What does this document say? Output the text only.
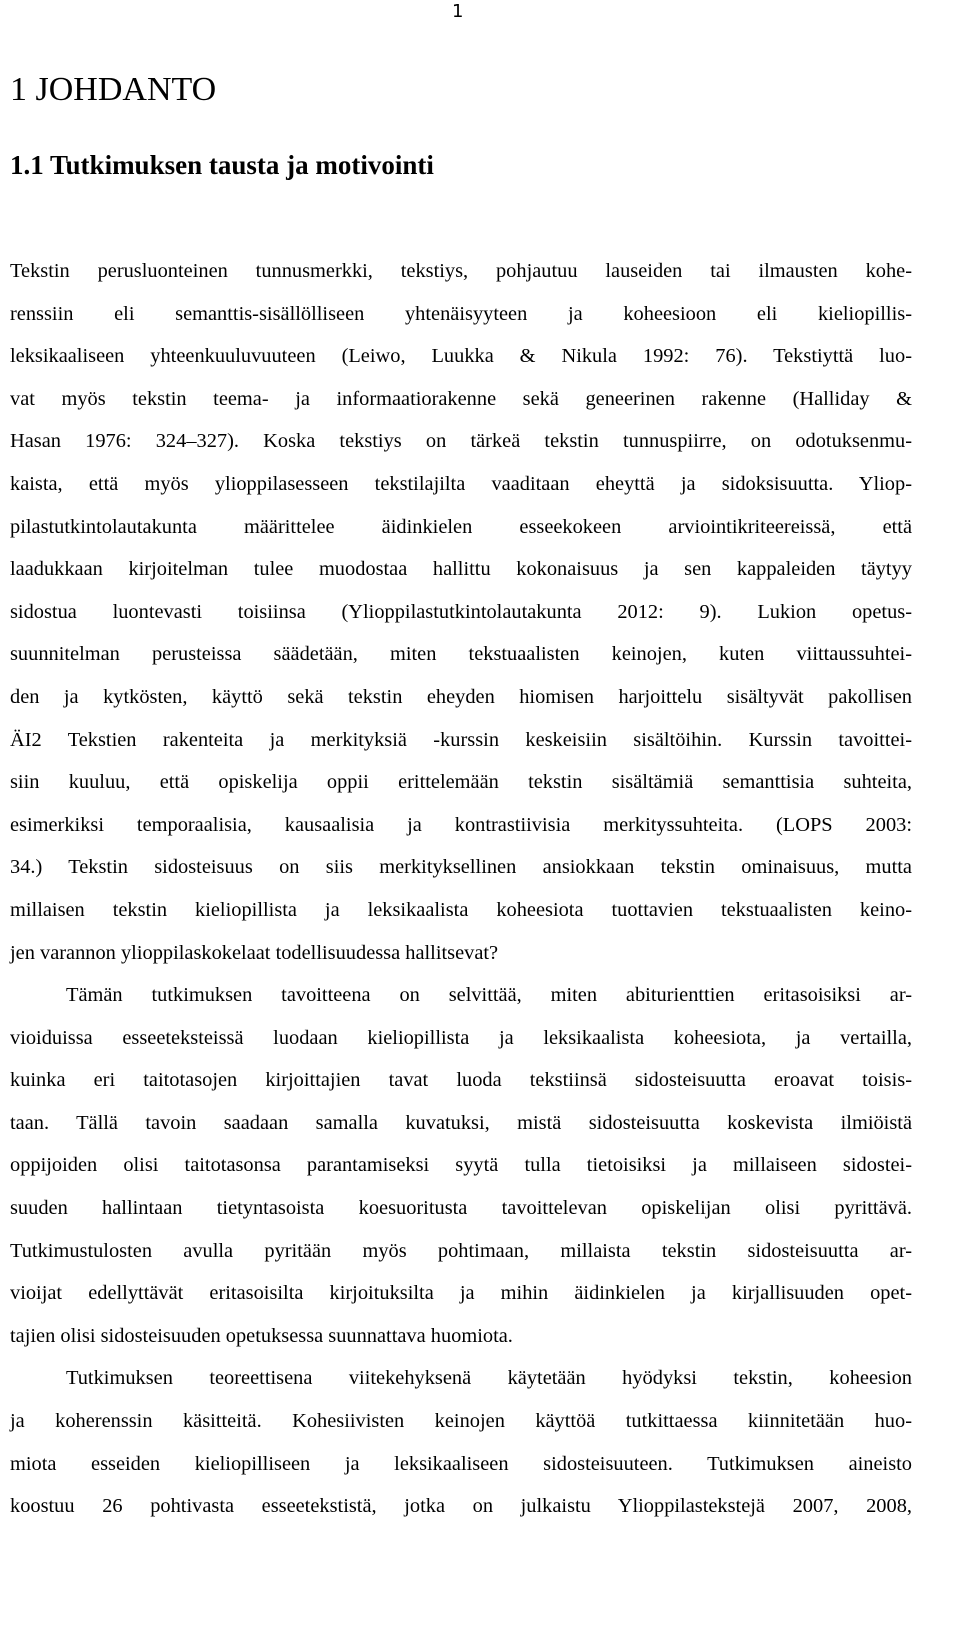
1
1 JOHDANTO
1.1 Tutkimuksen tausta ja motivointi
Tekstin perusluonteinen tunnusmerkki, tekstiys, pohjautuu lauseiden tai ilmausten kohe-
renssiin eli semanttis-sisällölliseen yhtenäisyyteen ja koheesioon eli kieliopillis-
leksikaaliseen yhteenkuuluvuuteen (Leiwo, Luukka & Nikula 1992: 76). Tekstiyttä luo-
vat myös tekstin teema- ja informaatiorakenne sekä geneerinen rakenne (Halliday &
Hasan 1976: 324–327). Koska tekstiys on tärkeä tekstin tunnuspiirre, on odotuksenmu-
kaista, että myös ylioppilasesseen tekstilajilta vaaditaan eheyttä ja sidoksisuutta. Yliop-
pilastutkintolautakunta määrittelee äidinkielen esseekokeen arviointikriteereissä, että
laadukkaan kirjoitelman tulee muodostaa hallittu kokonaisuus ja sen kappaleiden täytyy
sidostua luontevasti toisiinsa (Ylioppilastutkintolautakunta 2012: 9). Lukion opetus-
suunnitelman perusteissa säädetään, miten tekstuaalisten keinojen, kuten viittaussuhtei-
den ja kytkösten, käyttö sekä tekstin eheyden hiomisen harjoittelu sisältyvät pakollisen
ÄI2 Tekstien rakenteita ja merkityksiä -kurssin keskeisiin sisältöihin. Kurssin tavoittei-
siin kuuluu, että opiskelija oppii erittelemään tekstin sisältämiä semanttisia suhteita,
esimerkiksi temporaalisia, kausaalisia ja kontrastiivisia merkityssuhteita. (LOPS 2003:
34.) Tekstin sidosteisuus on siis merkityksellinen ansiokkaan tekstin ominaisuus, mutta
millaisen tekstin kieliopillista ja leksikaalista koheesiota tuottavien tekstuaalisten keino-
jen varannon ylioppilaskokelaat todellisuudessa hallitsevat?
Tämän tutkimuksen tavoitteena on selvittää, miten abiturienttien eritasoisiksi ar-
vioiduissa esseeteksteissä luodaan kieliopillista ja leksikaalista koheesiota, ja vertailla,
kuinka eri taitotasojen kirjoittajien tavat luoda tekstiinsä sidosteisuutta eroavat toisis-
taan. Tällä tavoin saadaan samalla kuvatuksi, mistä sidosteisuutta koskevista ilmiöistä
oppijoiden olisi taitotasonsa parantamiseksi syytä tulla tietoisiksi ja millaiseen sidostei-
suuden hallintaan tietyntasoista koesuoritusta tavoittelevan opiskelijan olisi pyrittävä.
Tutkimustulosten avulla pyritään myös pohtimaan, millaista tekstin sidosteisuutta ar-
vioijat edellyttävät eritasoisilta kirjoituksilta ja mihin äidinkielen ja kirjallisuuden opet-
tajien olisi sidosteisuuden opetuksessa suunnattava huomiota.
Tutkimuksen teoreettisena viitekehyksenä käytetään hyödyksi tekstin, koheesion
ja koherenssin käsitteitä. Kohesiivisten keinojen käyttöä tutkittaessa kiinnitetään huo-
miota esseiden kieliopilliseen ja leksikaaliseen sidosteisuuteen. Tutkimuksen aineisto
koostuu 26 pohtivasta esseetekstistä, jotka on julkaistu Ylioppilastekstejä 2007, 2008,
